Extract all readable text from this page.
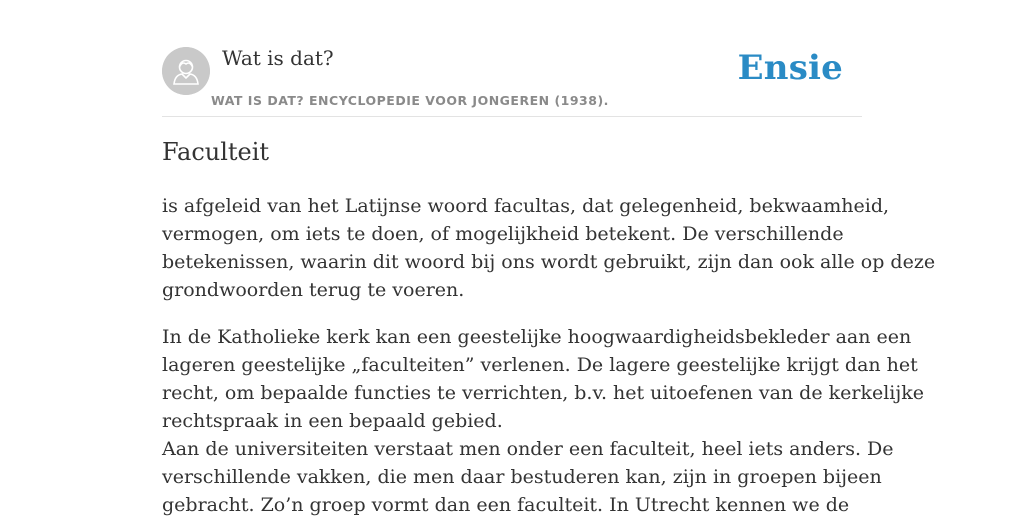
Wat is dat?
WAT IS DAT? ENCYCLOPEDIE VOOR JONGEREN (1938).
Ensie
Faculteit

is afgeleid van het Latijnse woord facultas, dat gelegenheid, bekwaamheid,
vermogen, om iets te doen, of mogelijkheid betekent. De verschillende
betekenissen, waarin dit woord bij ons wordt gebruikt, zijn dan ook alle op deze
grondwoorden terug te voeren.

In de Katholieke kerk kan een geestelijke hoogwaardigheidsbekleder aan een
lageren geestelijke „faculteiten” verlenen. De lagere geestelijke krijgt dan het
recht, om bepaalde functies te verrichten, b.v. het uitoefenen van de kerkelijke
rechtspraak in een bepaald gebied.
Aan de universiteiten verstaat men onder een faculteit, heel iets anders. De
verschillende vakken, die men daar bestuderen kan, zijn in groepen bijeen
gebracht. Zo’n groep vormt dan een faculteit. In Utrecht kennen we de
